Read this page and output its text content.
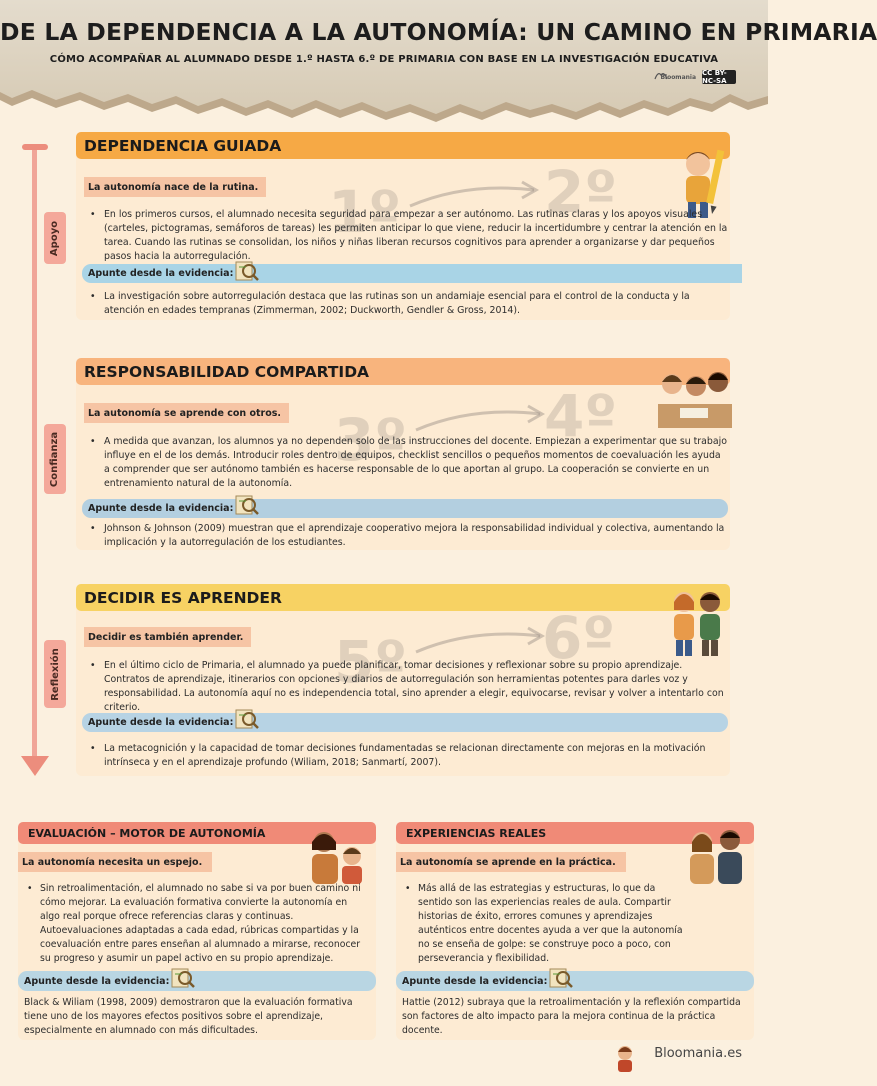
DE LA DEPENDENCIA A LA AUTONOMÍA: UN CAMINO EN PRIMARIA
CÓMO ACOMPAÑAR AL ALUMNADO DESDE 1.º HASTA 6.º DE PRIMARIA CON BASE EN LA INVESTIGACIÓN EDUCATIVA
Bloomania CC BY-NC-SA
Apoyo
Confianza
Reflexión
DEPENDENCIA GUIADA
1º 2º
La autonomía nace de la rutina.
• En los primeros cursos, el alumnado necesita seguridad para empezar a ser autónomo. Las rutinas claras y los apoyos visuales (carteles, pictogramas, semáforos de tareas) les permiten anticipar lo que viene, reducir la incertidumbre y centrar la atención en la tarea. Cuando las rutinas se consolidan, los niños y niñas liberan recursos cognitivos para aprender a organizarse y dar pequeños pasos hacia la autorregulación.
Apunte desde la evidencia:
• La investigación sobre autorregulación destaca que las rutinas son un andamiaje esencial para el control de la conducta y la atención en edades tempranas (Zimmerman, 2002; Duckworth, Gendler & Gross, 2014).
RESPONSABILIDAD COMPARTIDA
3º 4º
La autonomía se aprende con otros.
• A medida que avanzan, los alumnos ya no dependen solo de las instrucciones del docente. Empiezan a experimentar que su trabajo influye en el de los demás. Introducir roles dentro de equipos, checklist sencillos o pequeños momentos de coevaluación les ayuda a comprender que ser autónomo también es hacerse responsable de lo que aportan al grupo. La cooperación se convierte en un entrenamiento natural de la autonomía.
Apunte desde la evidencia:
• Johnson & Johnson (2009) muestran que el aprendizaje cooperativo mejora la responsabilidad individual y colectiva, aumentando la implicación y la autorregulación de los estudiantes.
DECIDIR ES APRENDER
5º 6º
Decidir es también aprender.
• En el último ciclo de Primaria, el alumnado ya puede planificar, tomar decisiones y reflexionar sobre su propio aprendizaje. Contratos de aprendizaje, itinerarios con opciones y diarios de autorregulación son herramientas potentes para darles voz y responsabilidad. La autonomía aquí no es independencia total, sino aprender a elegir, equivocarse, revisar y volver a intentarlo con criterio.
Apunte desde la evidencia:
• La metacognición y la capacidad de tomar decisiones fundamentadas se relacionan directamente con mejoras en la motivación intrínseca y en el aprendizaje profundo (Wiliam, 2018; Sanmartí, 2007).
EVALUACIÓN – MOTOR DE AUTONOMÍA
La autonomía necesita un espejo.
• Sin retroalimentación, el alumnado no sabe si va por buen camino ni cómo mejorar. La evaluación formativa convierte la autonomía en algo real porque ofrece referencias claras y continuas. Autoevaluaciones adaptadas a cada edad, rúbricas compartidas y la coevaluación entre pares enseñan al alumnado a mirarse, reconocer su progreso y asumir un papel activo en su propio aprendizaje.
Apunte desde la evidencia:
Black & Wiliam (1998, 2009) demostraron que la evaluación formativa tiene uno de los mayores efectos positivos sobre el aprendizaje, especialmente en alumnado con más dificultades.
EXPERIENCIAS REALES
La autonomía se aprende en la práctica.
• Más allá de las estrategias y estructuras, lo que da sentido son las experiencias reales de aula. Compartir historias de éxito, errores comunes y aprendizajes auténticos entre docentes ayuda a ver que la autonomía no se enseña de golpe: se construye poco a poco, con perseverancia y flexibilidad.
Apunte desde la evidencia:
Hattie (2012) subraya que la retroalimentación y la reflexión compartida son factores de alto impacto para la mejora continua de la práctica docente.
Bloomania.es
